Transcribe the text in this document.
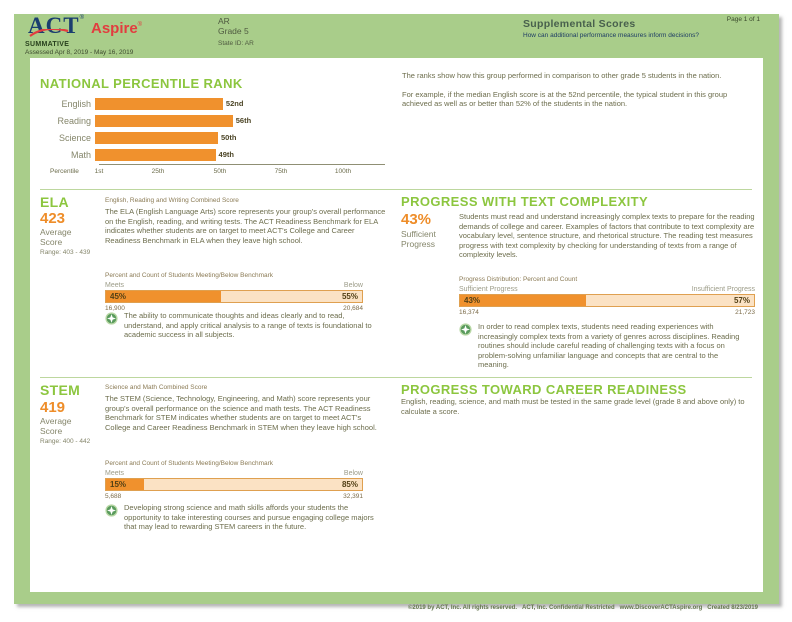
ACT®Aspire®
SUMMATIVE
Assessed Apr 8, 2019 - May 16, 2019
AR
Grade 5
State ID: AR
Supplemental Scores
How can additional performance measures inform decisions?
Page 1 of 1
NATIONAL PERCENTILE RANK
English	52nd
Reading	56th
Science	50th
Math	49th
Percentile 1st	25th	50th	75th	100th

The ranks show how this group performed in comparison to other grade 5 students in the nation.

For example, if the median English score is at the 52nd percentile, the typical student in this group achieved as well as or better than 52% of the students in the nation.

ELA
423
Average Score
Range: 403 - 439
English, Reading and Writing Combined Score
The ELA (English Language Arts) score represents your group's overall performance on the English, reading, and writing tests. The ACT Readiness Benchmark for ELA indicates whether students are on target to meet ACT's College and Career Readiness Benchmark in ELA when they leave high school.
Percent and Count of Students Meeting/Below Benchmark
Meets	Below
45%	55%
16,900	20,684
The ability to communicate thoughts and ideas clearly and to read, understand, and apply critical analysis to a range of texts is foundational to academic success in all subjects.
PROGRESS WITH TEXT COMPLEXITY
43%
Sufficient Progress
Students must read and understand increasingly complex texts to prepare for the reading demands of college and career. Examples of factors that contribute to text complexity are vocabulary level, sentence structure, and rhetorical structure. The reading test measures progress with text complexity by checking for understanding of texts from a range of complexity levels.
Progress Distribution: Percent and Count
Sufficient Progress	Insufficient Progress
43%	57%
16,374	21,723
In order to read complex texts, students need reading experiences with increasingly complex texts from a variety of genres across disciplines. Reading routines should include careful reading of challenging texts with a focus on problem-solving unfamiliar language and concepts that are central to the meaning.
STEM
419
Average Score
Range: 400 - 442
Science and Math Combined Score
The STEM (Science, Technology, Engineering, and Math) score represents your group's overall performance on the science and math tests. The ACT Readiness Benchmark for STEM indicates whether students are on target to meet ACT's College and Career Readiness Benchmark in STEM when they leave high school.
Percent and Count of Students Meeting/Below Benchmark
Meets	Below
15%	85%
5,688	32,391
Developing strong science and math skills affords your students the opportunity to take interesting courses and pursue engaging college majors that may lead to rewarding STEM careers in the future.
PROGRESS TOWARD CAREER READINESS
English, reading, science, and math must be tested in the same grade level (grade 8 and above only) to calculate a score.
©2019 by ACT, Inc. All rights reserved. ACT, Inc. Confidential Restricted www.DiscoverACTAspire.org Created 8/23/2019
